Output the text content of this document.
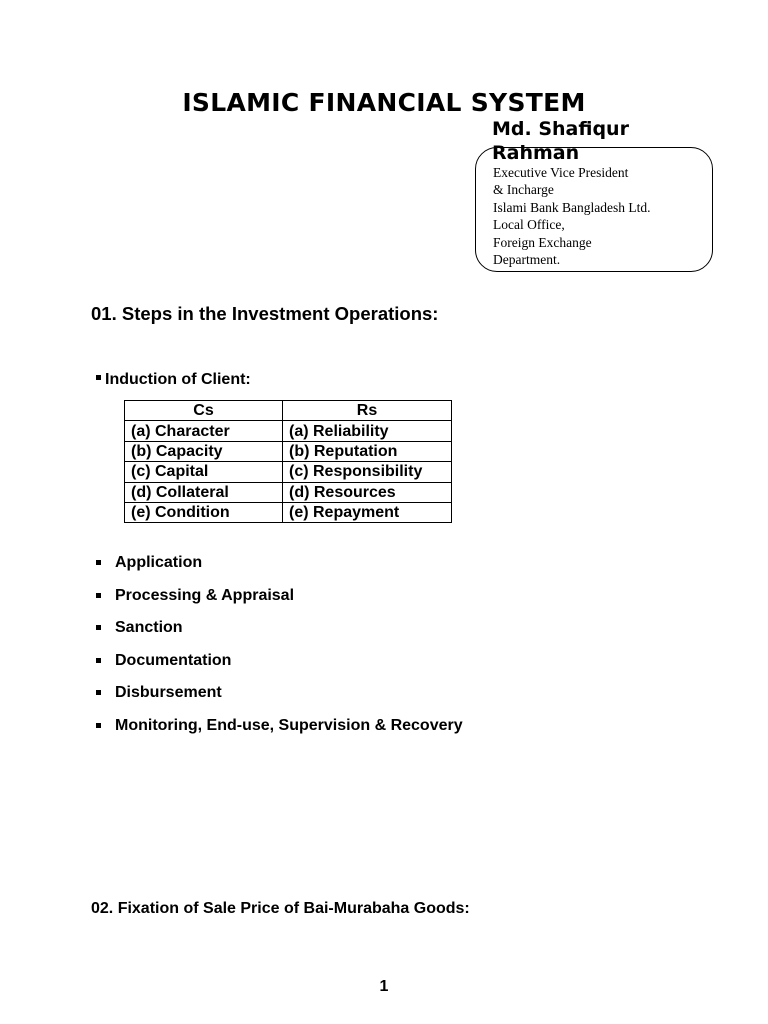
ISLAMIC FINANCIAL SYSTEM
Md. Shafiqur Rahman
Executive Vice President
& Incharge
Islami Bank Bangladesh Ltd.
Local Office,
Foreign Exchange
Department.
01. Steps in the Investment Operations:
Induction of Client:
Cs	Rs
(a) Character	(a) Reliability
(b) Capacity	(b) Reputation
(c) Capital	(c) Responsibility
(d) Collateral	(d) Resources
(e) Condition	(e) Repayment
Application
Processing & Appraisal
Sanction
Documentation
Disbursement
Monitoring, End-use, Supervision & Recovery
02. Fixation of Sale Price of Bai-Murabaha Goods:
1
